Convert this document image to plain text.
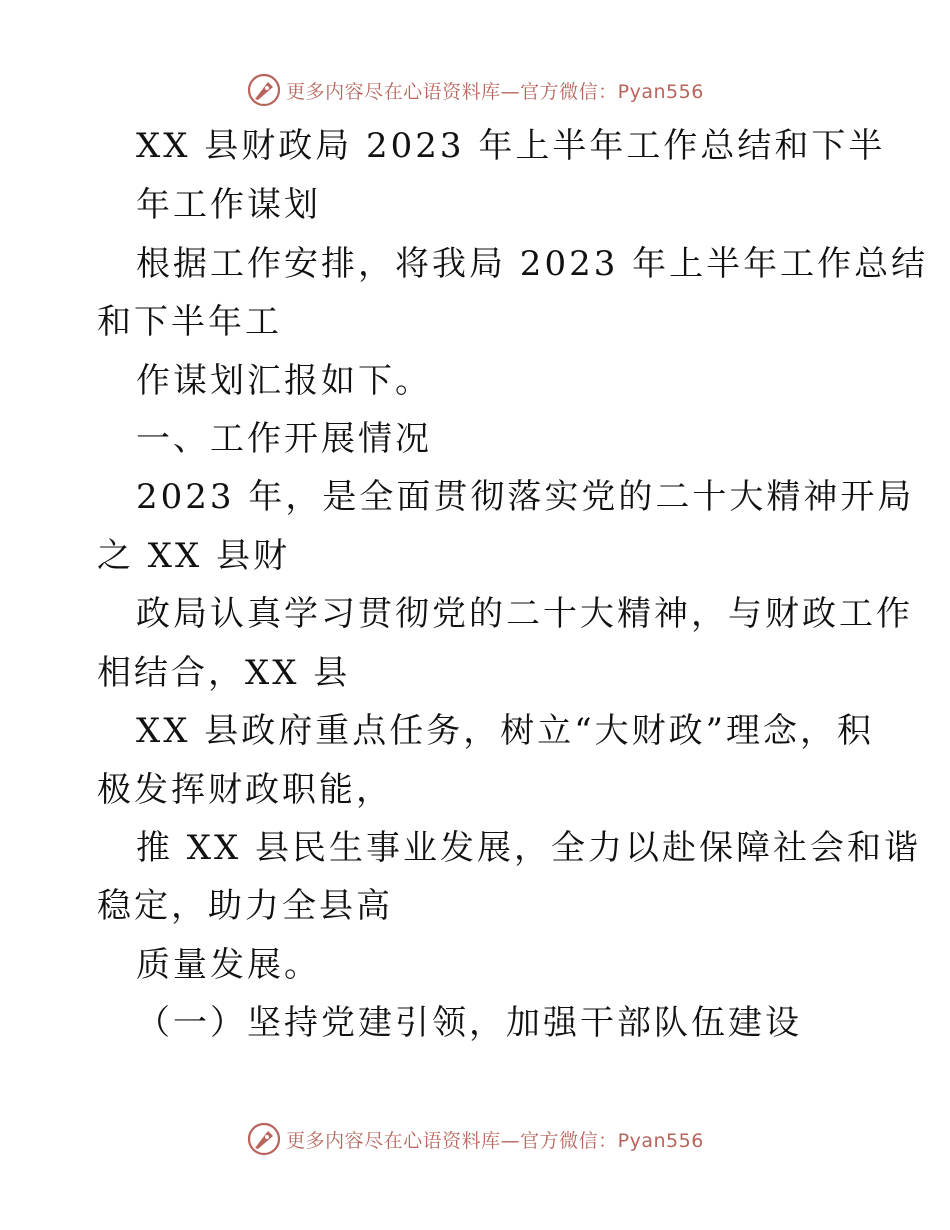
更多内容尽在心语资料库—官方微信：Pyan556
XX 县财政局 2023 年上半年工作总结和下半
年工作谋划
根据工作安排，将我局 2023 年上半年工作总结
和下半年工
作谋划汇报如下。
一、工作开展情况
2023 年，是全面贯彻落实党的二十大精神开局
之 XX 县财
政局认真学习贯彻党的二十大精神，与财政工作
相结合，XX 县
XX 县政府重点任务，树立“大财政”理念，积
极发挥财政职能，
推 XX 县民生事业发展，全力以赴保障社会和谐
稳定，助力全县高
质量发展。
（一）坚持党建引领，加强干部队伍建设
更多内容尽在心语资料库—官方微信：Pyan556
